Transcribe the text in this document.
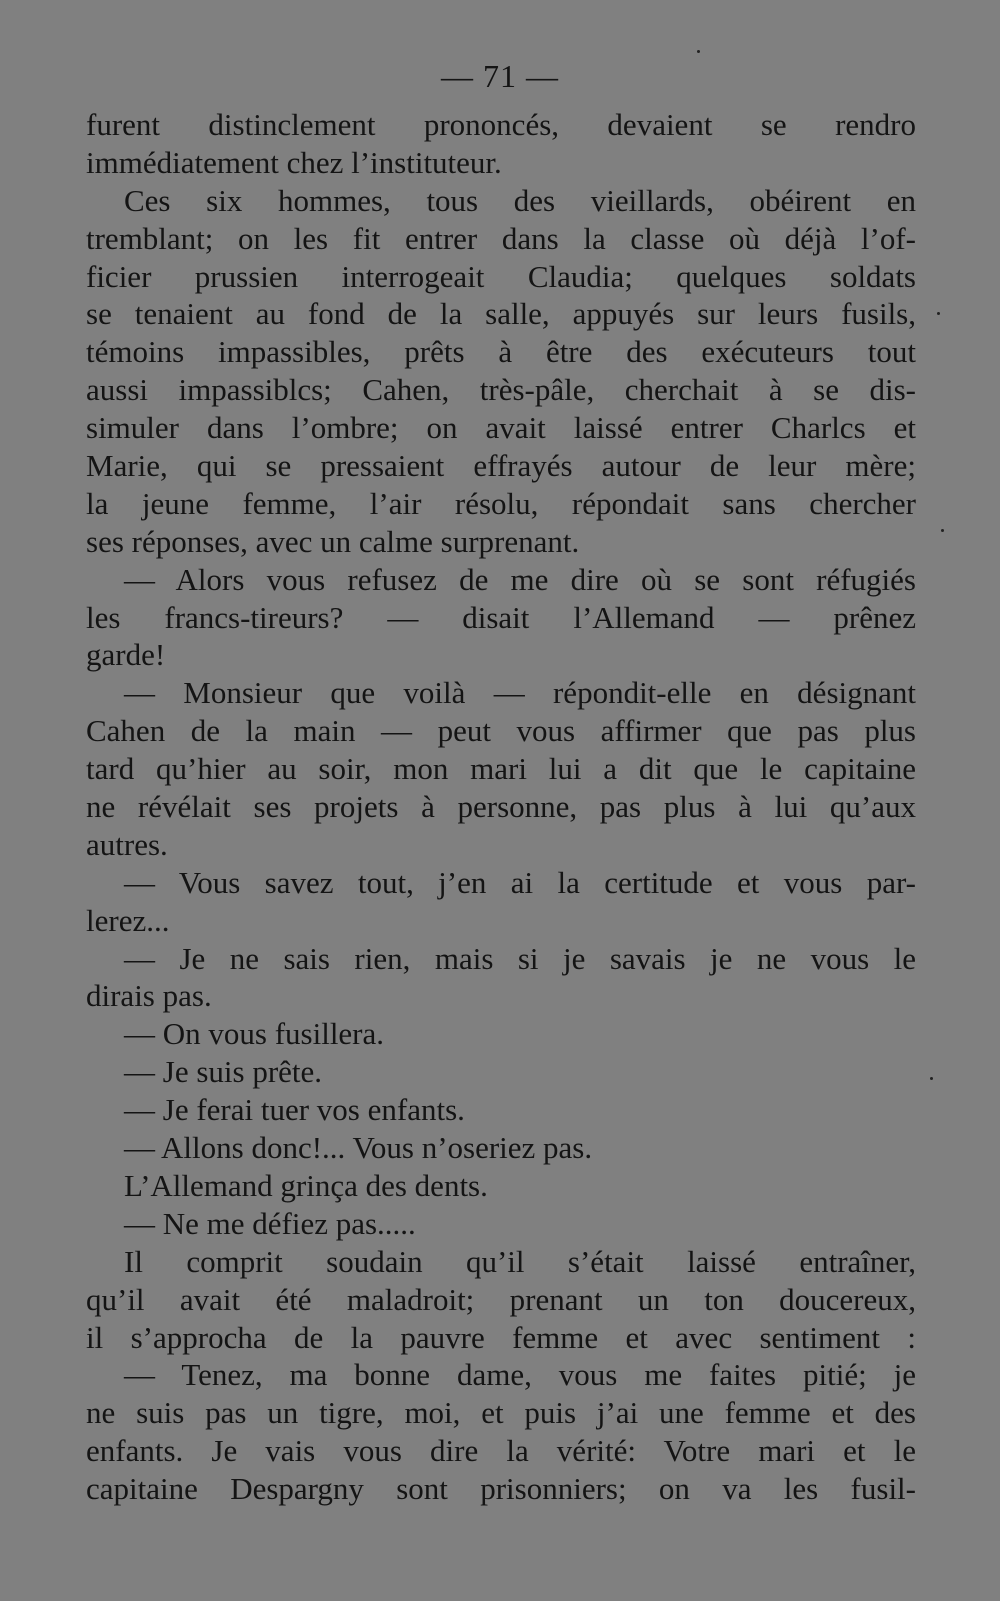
— 71 —
furent distinclement prononcés, devaient se rendro
immédiatement chez l’instituteur.
Ces six hommes, tous des vieillards, obéirent en
tremblant; on les fit entrer dans la classe où déjà l’of-
ficier prussien interrogeait Claudia; quelques soldats
se tenaient au fond de la salle, appuyés sur leurs fusils,
témoins impassibles, prêts à être des exécuteurs tout
aussi impassiblcs; Cahen, très-pâle, cherchait à se dis-
simuler dans l’ombre; on avait laissé entrer Charlcs et
Marie, qui se pressaient effrayés autour de leur mère;
la jeune femme, l’air résolu, répondait sans chercher
ses réponses, avec un calme surprenant.
— Alors vous refusez de me dire où se sont réfugiés
les francs-tireurs? — disait l’Allemand — prênez
garde!
— Monsieur que voilà — répondit-elle en désignant
Cahen de la main — peut vous affirmer que pas plus
tard qu’hier au soir, mon mari lui a dit que le capitaine
ne révélait ses projets à personne, pas plus à lui qu’aux
autres.
— Vous savez tout, j’en ai la certitude et vous par-
lerez...
— Je ne sais rien, mais si je savais je ne vous le
dirais pas.
— On vous fusillera.
— Je suis prête.
— Je ferai tuer vos enfants.
— Allons donc!... Vous n’oseriez pas.
L’Allemand grinça des dents.
— Ne me défiez pas.....
Il comprit soudain qu’il s’était laissé entraîner,
qu’il avait été maladroit; prenant un ton doucereux,
il s’approcha de la pauvre femme et avec sentiment :
— Tenez, ma bonne dame, vous me faites pitié; je
ne suis pas un tigre, moi, et puis j’ai une femme et des
enfants. Je vais vous dire la vérité: Votre mari et le
capitaine Despargny sont prisonniers; on va les fusil-
